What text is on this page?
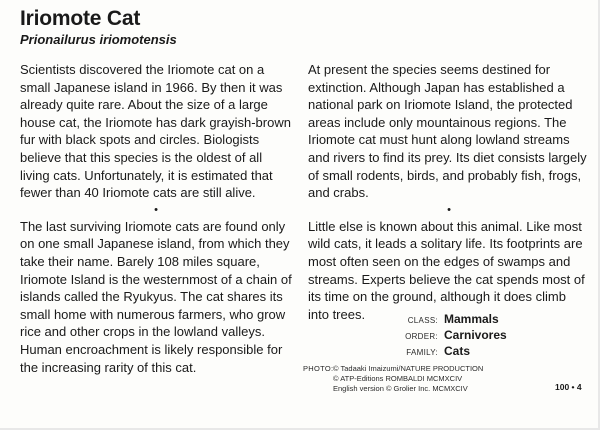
Iriomote Cat

Prionailurus iriomotensis

Scientists discovered the Iriomote cat on a small Japanese island in 1966. By then it was already quite rare. About the size of a large house cat, the Iriomote has dark grayish-brown fur with black spots and circles. Biologists believe that this species is the oldest of all living cats. Unfortunately, it is estimated that fewer than 40 Iriomote cats are still alive.

•

The last surviving Iriomote cats are found only on one small Japanese island, from which they take their name. Barely 108 miles square, Iriomote Island is the westernmost of a chain of islands called the Ryukyus. The cat shares its small home with numerous farmers, who grow rice and other crops in the lowland valleys. Human encroachment is likely responsible for the increasing rarity of this cat.

At present the species seems destined for extinction. Although Japan has established a national park on Iriomote Island, the protected areas include only mountainous regions. The Iriomote cat must hunt along lowland streams and rivers to find its prey. Its diet consists largely of small rodents, birds, and probably fish, frogs, and crabs.

•

Little else is known about this animal. Like most wild cats, it leads a solitary life. Its footprints are most often seen on the edges of swamps and streams. Experts believe the cat spends most of its time on the ground, although it does climb into trees.	CLASS: Mammals
ORDER: Carnivores
FAMILY: Cats
PHOTO: © Tadaaki Imaizumi/NATURE PRODUCTION
© ATP-Editions ROMBALDI MCMXCIV
English version © Grolier Inc. MCMXCIV	100 • 4
